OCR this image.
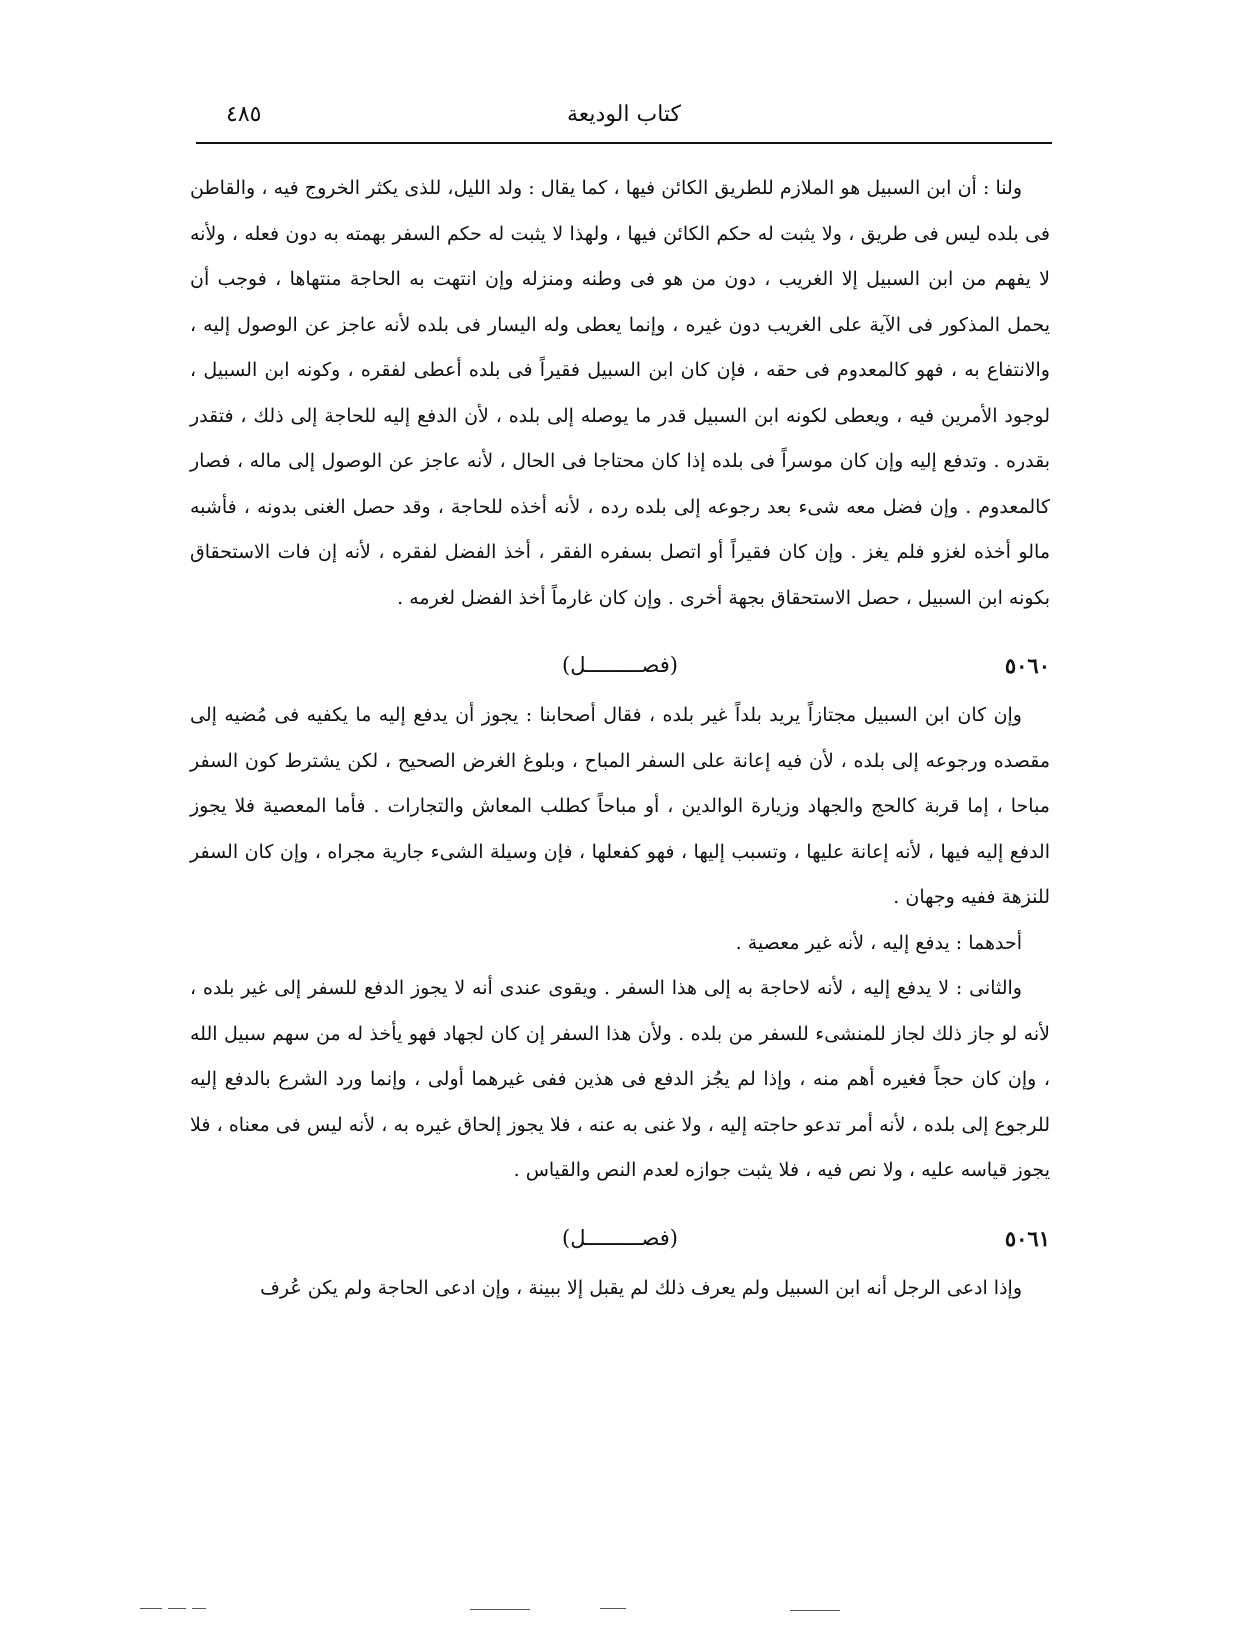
كتاب الوديعة
٤٨٥

ولنا : أن ابن السبيل هو الملازم للطريق الكائن فيها ، كما يقال : ولد الليل، للذى يكثر الخروج فيه ، والقاطن فى بلده ليس فى طريق ، ولا يثبت له حكم الكائن فيها ، ولهذا لا يثبت له حكم السفر بهمته به دون فعله ، ولأنه لا يفهم من ابن السبيل إلا الغريب ، دون من هو فى وطنه ومنزله وإن انتهت به الحاجة منتهاها ، فوجب أن يحمل المذكور فى الآية على الغريب دون غيره ، وإنما يعطى وله اليسار فى بلده لأنه عاجز عن الوصول إليه ، والانتفاع به ، فهو كالمعدوم فى حقه ، فإن كان ابن السبيل فقيراً فى بلده أعطى لفقره ، وكونه ابن السبيل ، لوجود الأمرين فيه ، ويعطى لكونه ابن السبيل قدر ما يوصله إلى بلده ، لأن الدفع إليه للحاجة إلى ذلك ، فتقدر بقدره . وتدفع إليه وإن كان موسراً فى بلده إذا كان محتاجا فى الحال ، لأنه عاجز عن الوصول إلى ماله ، فصار كالمعدوم . وإن فضل معه شىء بعد رجوعه إلى بلده رده ، لأنه أخذه للحاجة ، وقد حصل الغنى بدونه ، فأشبه مالو أخذه لغزو فلم يغز . وإن كان فقيراً أو اتصل بسفره الفقر ، أخذ الفضل لفقره ، لأنه إن فات الاستحقاق بكونه ابن السبيل ، حصل الاستحقاق بجهة أخرى . وإن كان غارماً أخذ الفضل لغرمه .

٥٠٦٠
(فصـــــــــل)

وإن كان ابن السبيل مجتازاً يريد بلداً غير بلده ، فقال أصحابنا : يجوز أن يدفع إليه ما يكفيه فى مُضيه إلى مقصده ورجوعه إلى بلده ، لأن فيه إعانة على السفر المباح ، وبلوغ الغرض الصحيح ، لكن يشترط كون السفر مباحا ، إما قربة كالحج والجهاد وزيارة الوالدين ، أو مباحاً كطلب المعاش والتجارات . فأما المعصية فلا يجوز الدفع إليه فيها ، لأنه إعانة عليها ، وتسبب إليها ، فهو كفعلها ، فإن وسيلة الشىء جارية مجراه ، وإن كان السفر للنزهة ففيه وجهان .

أحدهما : يدفع إليه ، لأنه غير معصية .

والثانى : لا يدفع إليه ، لأنه لاحاجة به إلى هذا السفر . ويقوى عندى أنه لا يجوز الدفع للسفر إلى غير بلده ، لأنه لو جاز ذلك لجاز للمنشىء للسفر من بلده . ولأن هذا السفر إن كان لجهاد فهو يأخذ له من سهم سبيل الله ، وإن كان حجاً فغيره أهم منه ، وإذا لم يجُز الدفع فى هذين ففى غيرهما أولى ، وإنما ورد الشرع بالدفع إليه للرجوع إلى بلده ، لأنه أمر تدعو حاجته إليه ، ولا غنى به عنه ، فلا يجوز إلحاق غيره به ، لأنه ليس فى معناه ، فلا يجوز قياسه عليه ، ولا نص فيه ، فلا يثبت جوازه لعدم النص والقياس .

٥٠٦١
(فصـــــــــل)

وإذا ادعى الرجل أنه ابن السبيل ولم يعرف ذلك لم يقبل إلا ببينة ، وإن ادعى الحاجة ولم يكن عُرف
